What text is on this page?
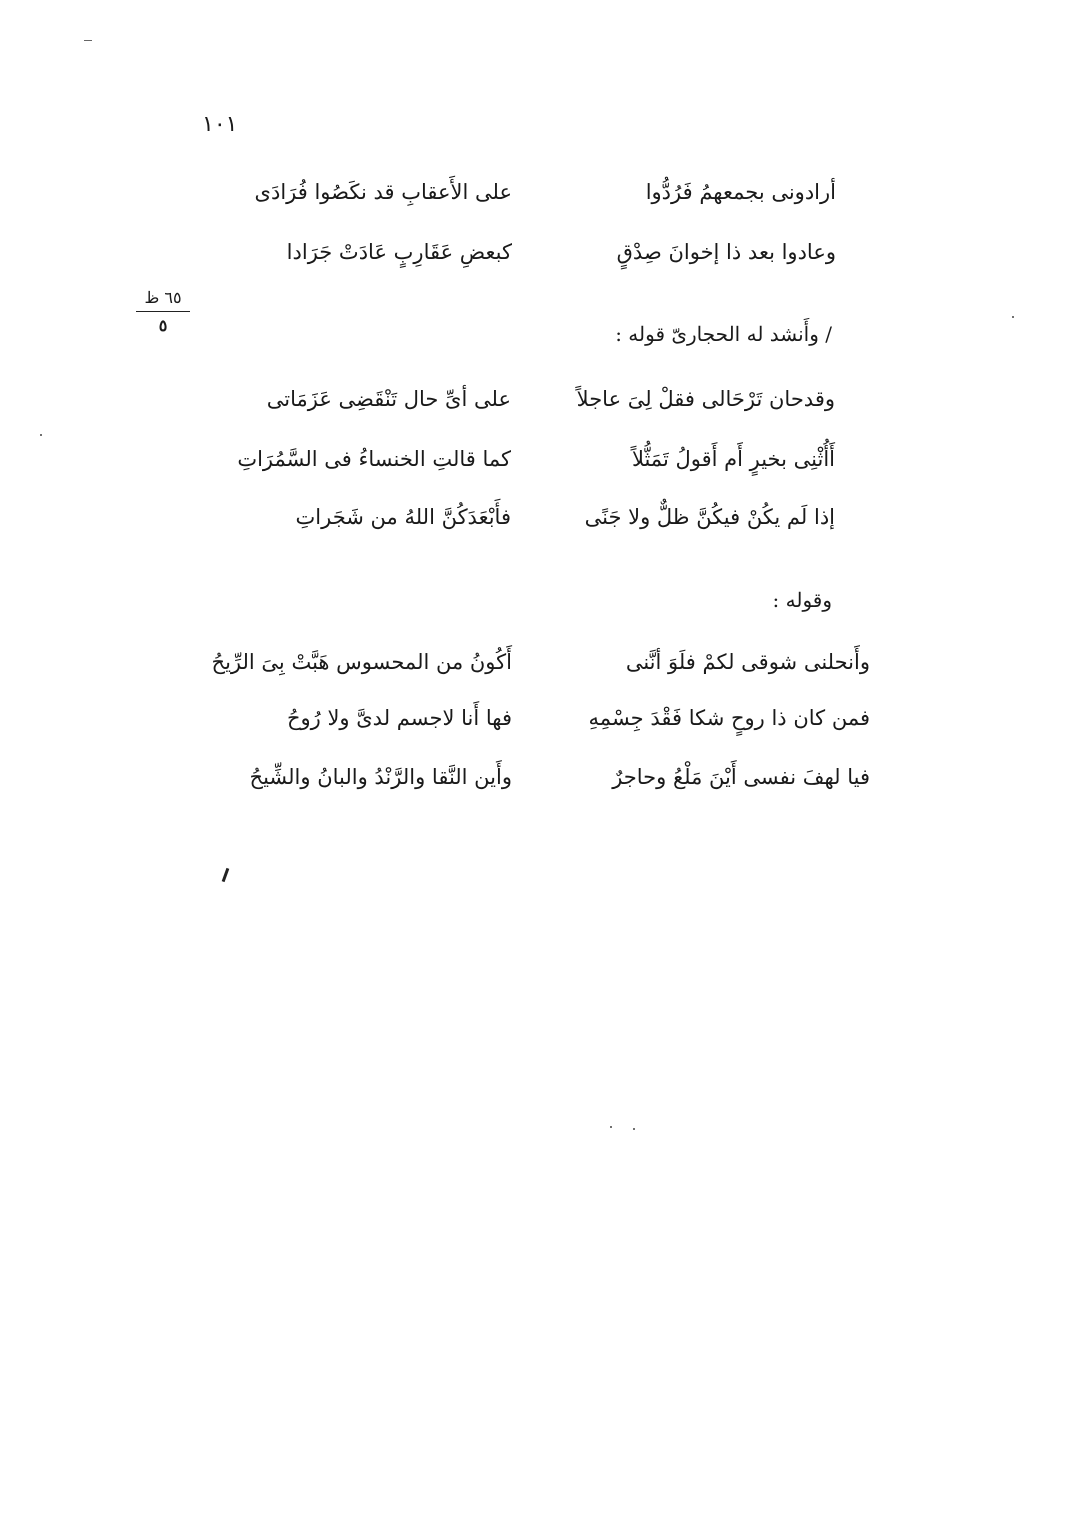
١٠١
٦٥ ظ
٥
أرادونى بجمعهمُ فَرُدُّوا
على الأَعقابِ قد نكَصُوا فُرَادَى
وعادوا بعد ذا إخوانَ صِدْقٍ
كبعضِ عَقَارِبٍ عَادَتْ جَرَادا
/ وأَنشد له الحجارىّ قوله :
وقدحان تَرْحَالى فقلْ لِىَ عاجلاً
على أىِّ حال تَنْقَضِى عَزَمَاتى
أَأُثْنِى بخيرٍ أَم أَقولُ تَمَثُّلاً
كما قالتِ الخنساءُ فى السَّمُرَاتِ
إذا لَم يكُنْ فيكُنَّ ظلٌّ ولا جَنًى
فأَبْعَدَكُنَّ اللهُ من شَجَراتِ
وقوله :
وأَنحلنى شوقى لكمْ فلَوَ أنَّنى
أَكُونُ من المحسوس هَبَّتْ بِىَ الرِّيحُ
فمن كان ذا روحٍ شكا فَقْدَ جِسْمِهِ
فها أَنا لاجسم لدىَّ ولا رُوحُ
فيا لهفَ نفسى أَيْنَ مَلْعُ وحاجرٌ
وأَين النَّقا والرَّنْدُ والبانُ والشِّيحُ
